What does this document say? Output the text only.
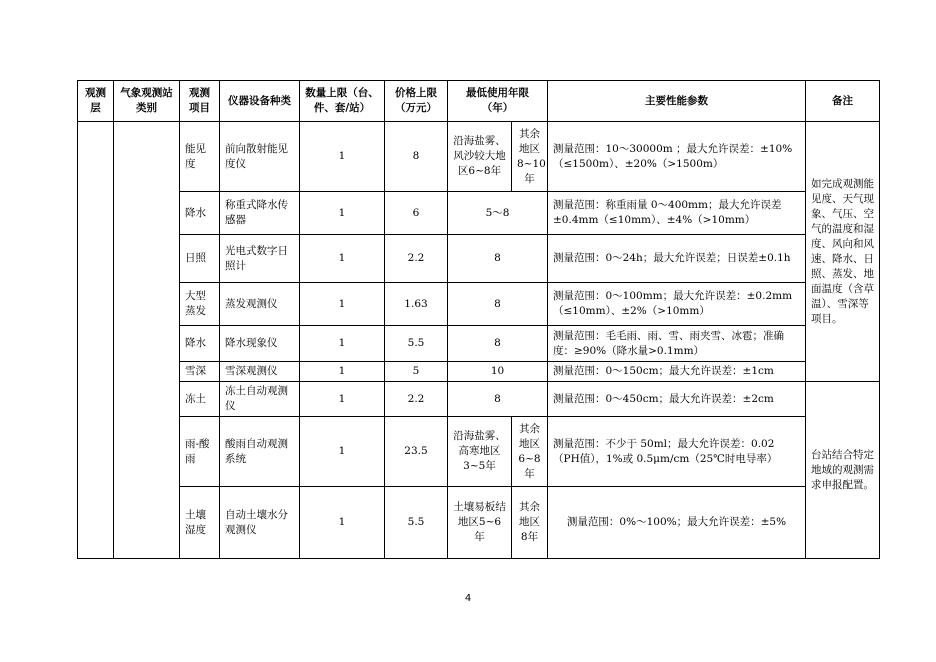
观测层	气象观测站类别	观测项目	仪器设备种类	数量上限（台、件、套/站）	价格上限（万元）	最低使用年限（年）		主要性能参数	备注
		能见度	前向散射能见度仪	1	8	沿海盐雾、风沙较大地区6~8年	其余地区8~10年	测量范围：10～30000m ；最大允许误差：±10%（≤1500m）、±20%（>1500m）	如完成观测能见度、天气现象、气压、空气的温度和湿度、风向和风速、降水、日照、蒸发、地面温度（含草温）、雪深等项目。
		降水	称重式降水传感器	1	6	5～8		测量范围：称重雨量 0～400mm；最大允许误差±0.4mm（≤10mm）、±4%（>10mm）	
		日照	光电式数字日照计	1	2.2	8		测量范围：0～24h；最大允许误差；日误差±0.1h	
		大型蒸发	蒸发观测仪	1	1.63	8		测量范围：0～100mm；最大允许误差：±0.2mm（≤10mm）、±2%（>10mm）	
		降水	降水现象仪	1	5.5	8		测量范围：毛毛雨、雨、雪、雨夹雪、冰雹；准确度：≥90%（降水量>0.1mm）	
		雪深	雪深观测仪	1	5	10		测量范围：0～150cm；最大允许误差：±1cm	
		冻土	冻土自动观测仪	1	2.2	8		测量范围：0～450cm；最大允许误差：±2cm	台站结合特定地域的观测需求申报配置。
		雨-酸雨	酸雨自动观测系统	1	23.5	沿海盐雾、高寒地区3~5年	其余地区6~8年	测量范围：不少于 50ml；最大允许误差：0.02（PH值），1%或 0.5μm/cm（25℃时电导率）	
		土壤湿度	自动土壤水分观测仪	1	5.5	土壤易板结地区5~6年	其余地区8年	测量范围：0%～100%；最大允许误差：±5%	
4
